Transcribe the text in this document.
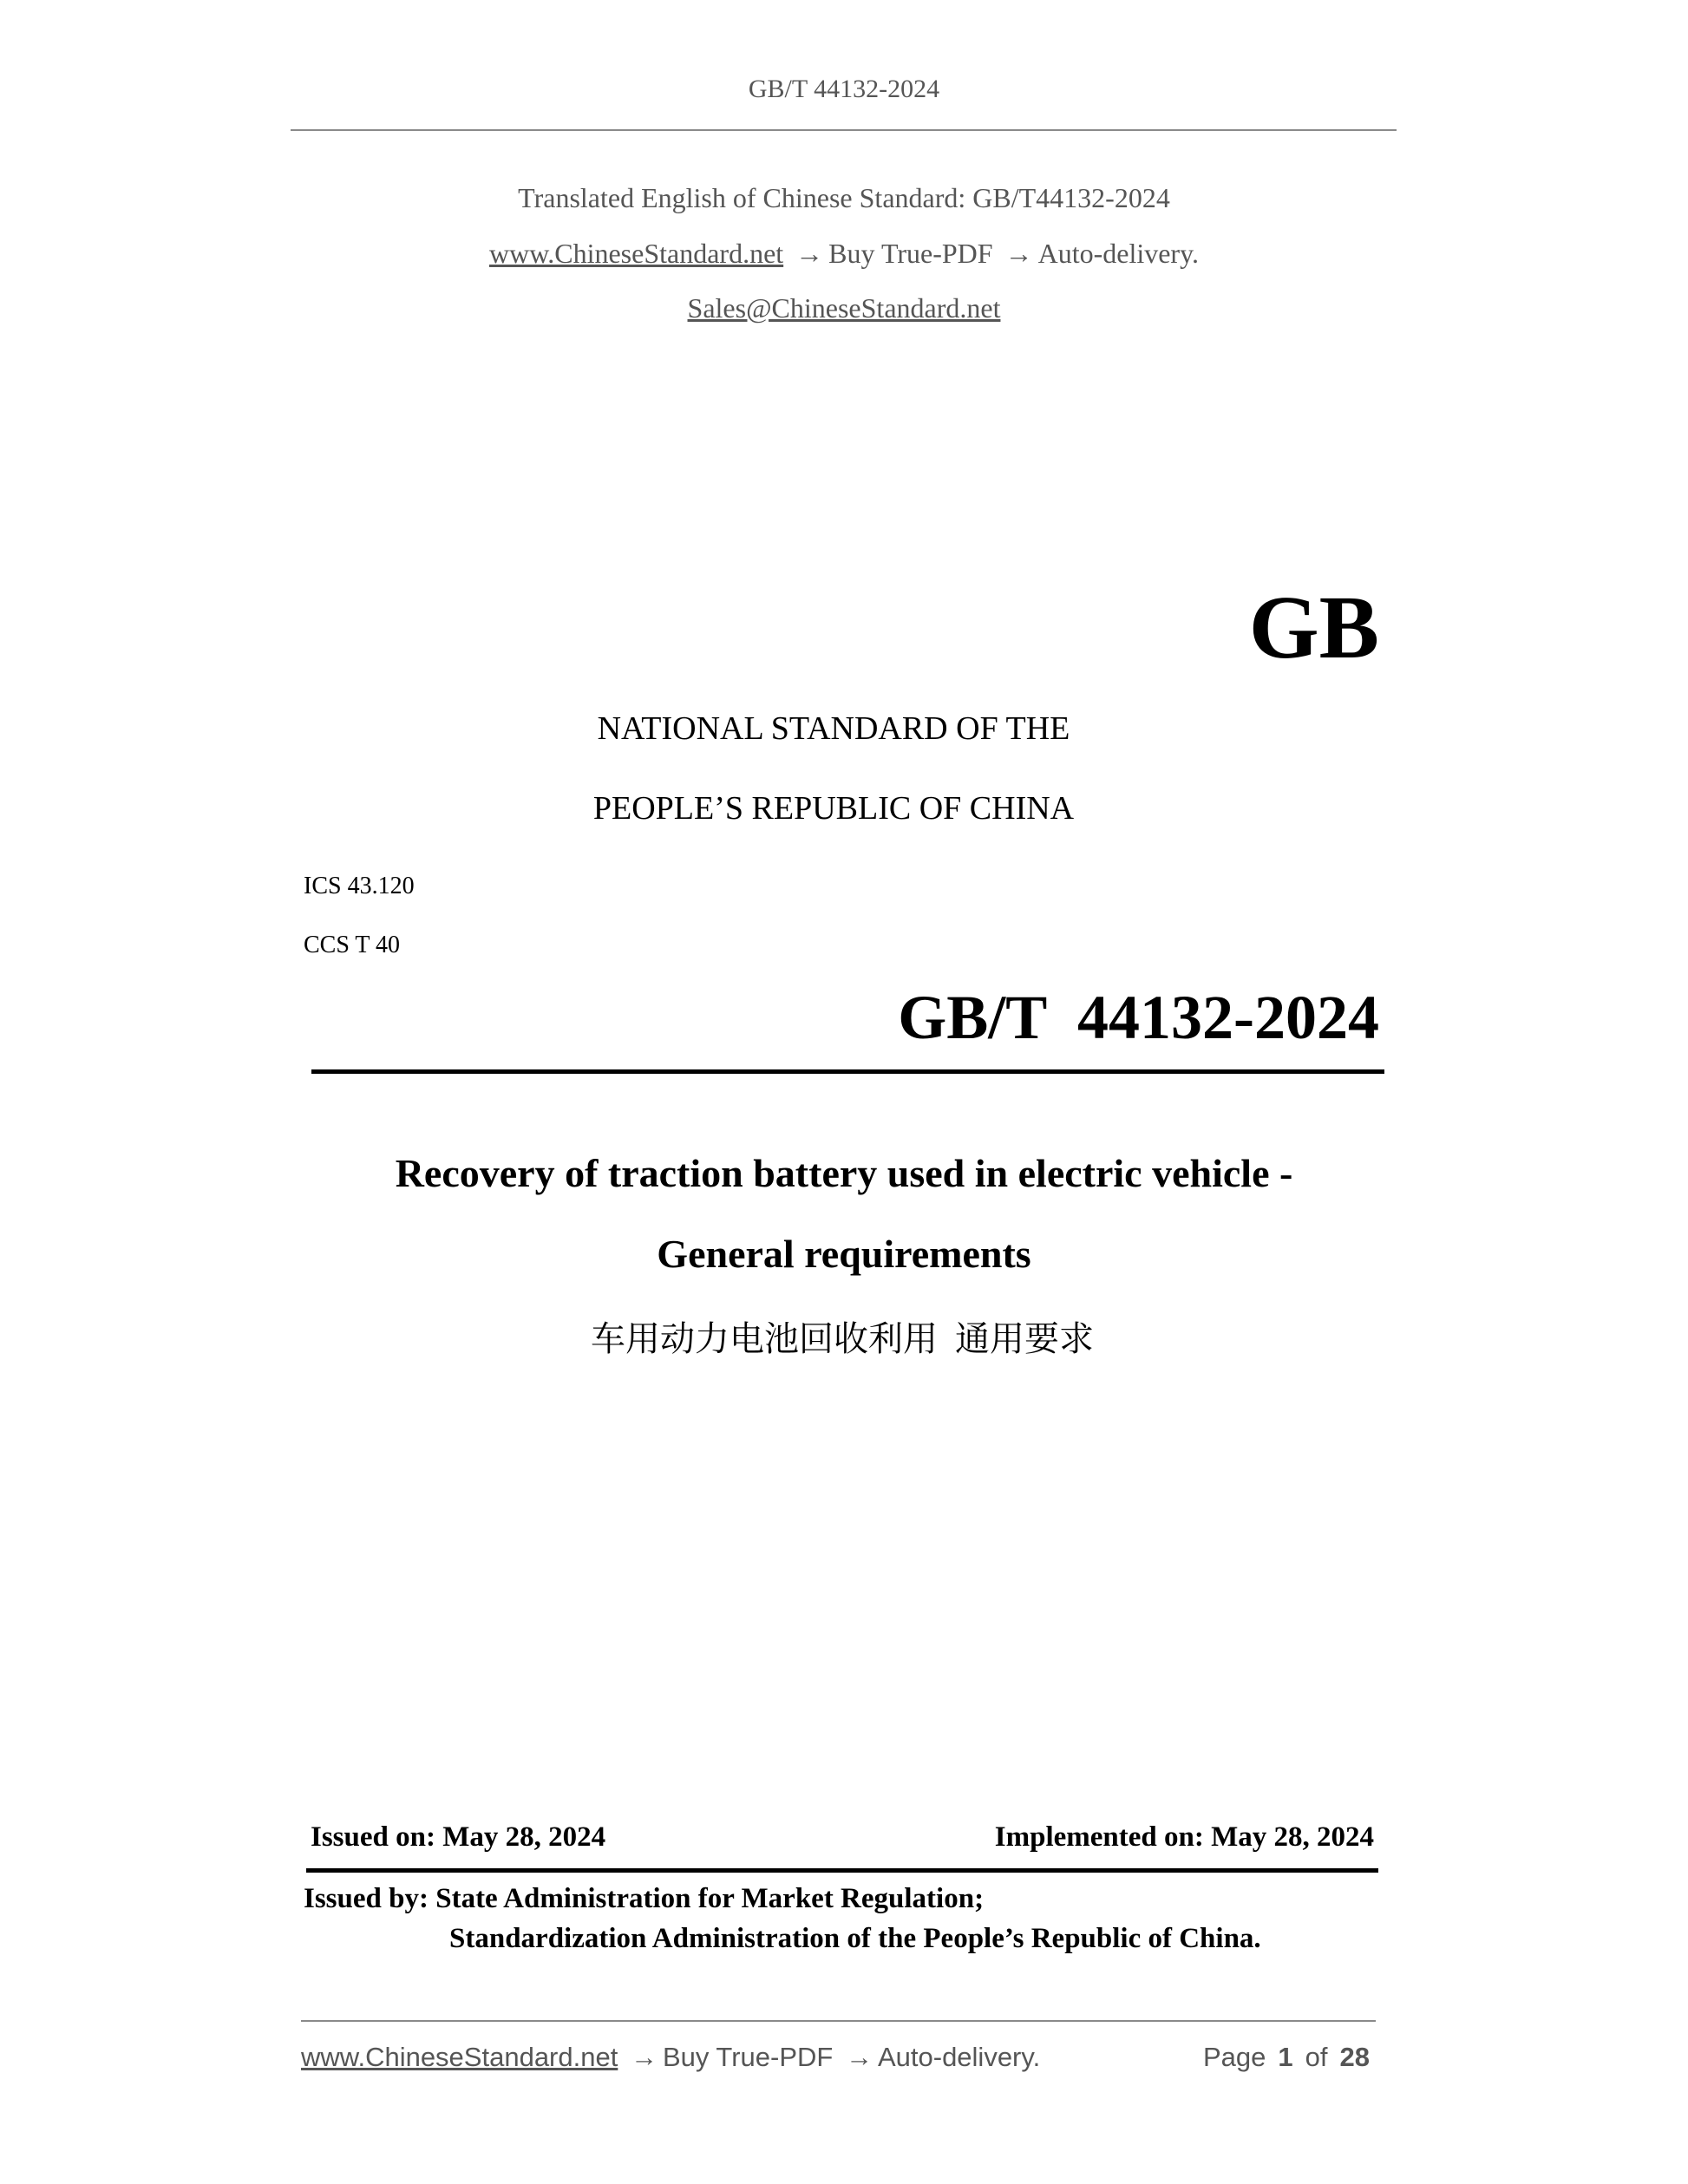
GB/T 44132-2024
Translated English of Chinese Standard: GB/T44132-2024
www.ChineseStandard.net → Buy True-PDF → Auto-delivery.
Sales@ChineseStandard.net
GB
NATIONAL STANDARD OF THE
PEOPLE’S REPUBLIC OF CHINA
ICS 43.120
CCS T 40
GB/T  44132-2024
Recovery of traction battery used in electric vehicle -
General requirements
车用动力电池回收利用  通用要求
Issued on: May 28, 2024	Implemented on: May 28, 2024
Issued by: State Administration for Market Regulation;
Standardization Administration of the People’s Republic of China.
www.ChineseStandard.net → Buy True-PDF → Auto-delivery.	Page 1 of 28
